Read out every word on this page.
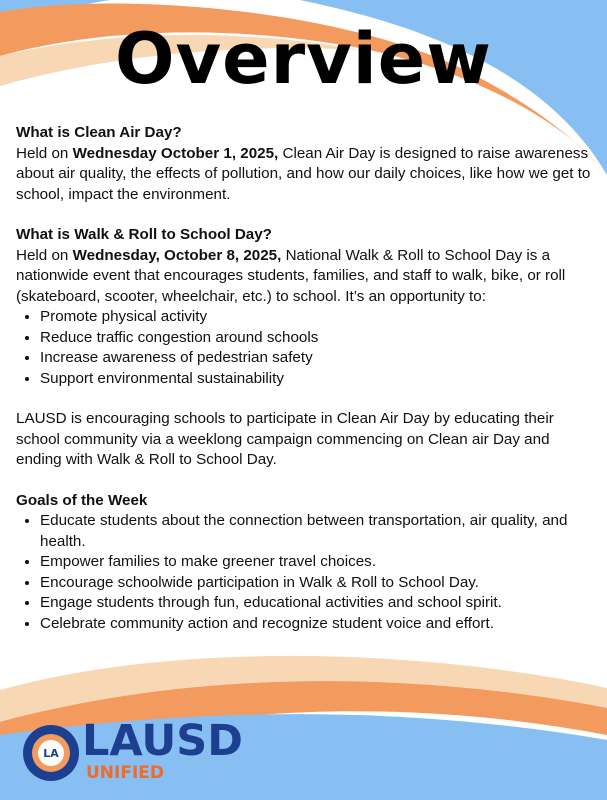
Overview

What is Clean Air Day?

Held on Wednesday October 1, 2025, Clean Air Day is designed to raise awareness about air quality, the effects of pollution, and how our daily choices, like how we get to school, impact the environment.

What is Walk & Roll to School Day?

Held on Wednesday, October 8, 2025, National Walk & Roll to School Day is a nationwide event that encourages students, families, and staff to walk, bike, or roll (skateboard, scooter, wheelchair, etc.) to school. It’s an opportunity to:

• Promote physical activity
• Reduce traffic congestion around schools
• Increase awareness of pedestrian safety
• Support environmental sustainability

LAUSD is encouraging schools to participate in Clean Air Day by educating their school community via a weeklong campaign commencing on Clean air Day and ending with Walk & Roll to School Day.

Goals of the Week

• Educate students about the connection between transportation, air quality, and health.
• Empower families to make greener travel choices.
• Encourage schoolwide participation in Walk & Roll to School Day.
• Engage students through fun, educational activities and school spirit.
• Celebrate community action and recognize student voice and effort.
LA LAUSD
UNIFIED
